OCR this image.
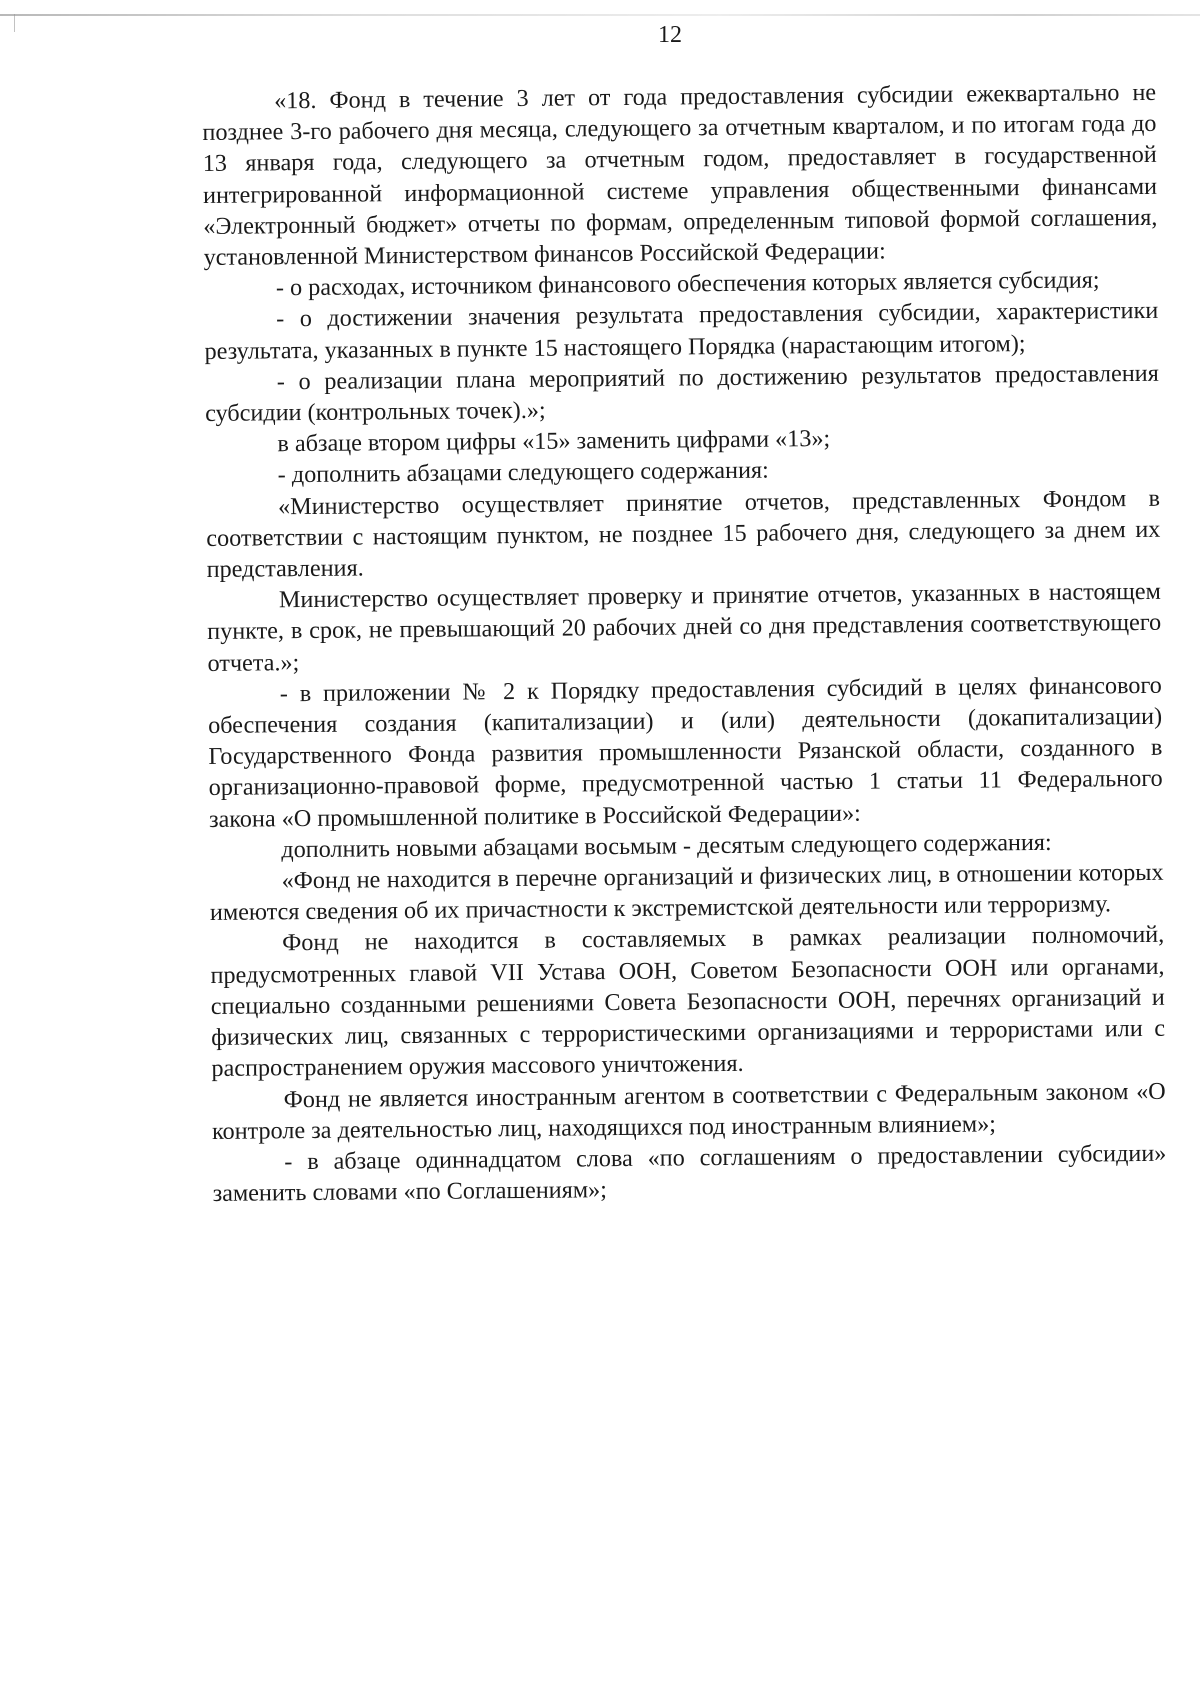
12

«18. Фонд в течение 3 лет от года предоставления субсидии ежеквартально не позднее 3-го рабочего дня месяца, следующего за отчетным кварталом, и по итогам года до 13 января года, следующего за отчетным годом, предоставляет в государственной интегрированной информационной системе управления общественными финансами «Электронный бюджет» отчеты по формам, определенным типовой формой соглашения, установленной Министерством финансов Российской Федерации:

- о расходах, источником финансового обеспечения которых является субсидия;

- о достижении значения результата предоставления субсидии, характеристики результата, указанных в пункте 15 настоящего Порядка (нарастающим итогом);

- о реализации плана мероприятий по достижению результатов предоставления субсидии (контрольных точек).»;

в абзаце втором цифры «15» заменить цифрами «13»;

- дополнить абзацами следующего содержания:

«Министерство осуществляет принятие отчетов, представленных Фондом в соответствии с настоящим пунктом, не позднее 15 рабочего дня, следующего за днем их представления.

Министерство осуществляет проверку и принятие отчетов, указанных в настоящем пункте, в срок, не превышающий 20 рабочих дней со дня представления соответствующего отчета.»;

- в приложении № 2 к Порядку предоставления субсидий в целях финансового обеспечения создания (капитализации) и (или) деятельности (докапитализации) Государственного Фонда развития промышленности Рязанской области, созданного в организационно-правовой форме, предусмотренной частью 1 статьи 11 Федерального закона «О промышленной политике в Российской Федерации»:

дополнить новыми абзацами восьмым - десятым следующего содержания:

«Фонд не находится в перечне организаций и физических лиц, в отношении которых имеются сведения об их причастности к экстремистской деятельности или терроризму.

Фонд не находится в составляемых в рамках реализации полномочий, предусмотренных главой VII Устава ООН, Советом Безопасности ООН или органами, специально созданными решениями Совета Безопасности ООН, перечнях организаций и физических лиц, связанных с террористическими организациями и террористами или с распространением оружия массового уничтожения.

Фонд не является иностранным агентом в соответствии с Федеральным законом «О контроле за деятельностью лиц, находящихся под иностранным влиянием»;

- в абзаце одиннадцатом слова «по соглашениям о предоставлении субсидии» заменить словами «по Соглашениям»;
